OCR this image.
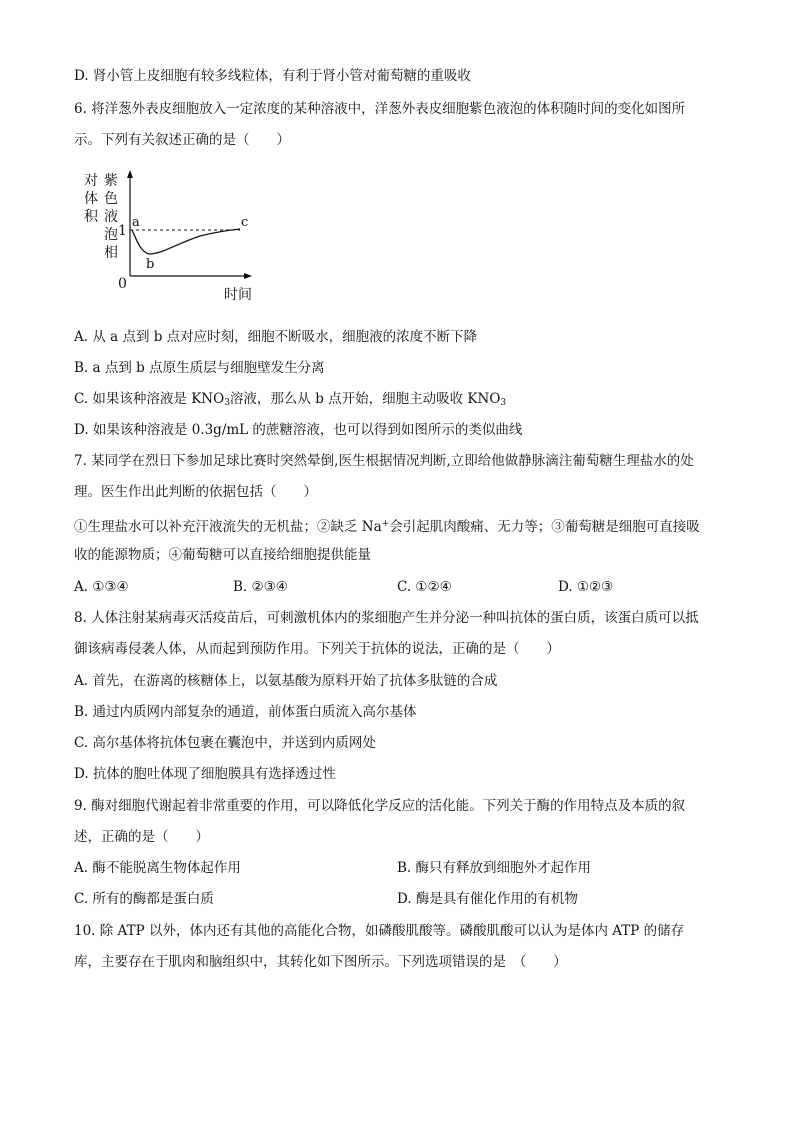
D. 肾小管上皮细胞有较多线粒体，有利于肾小管对葡萄糖的重吸收
6. 将洋葱外表皮细胞放入一定浓度的某种溶液中，洋葱外表皮细胞紫色液泡的体积随时间的变化如图所
示。下列有关叙述正确的是（　　）
对
体
积
紫
色
液
泡
相
1
0
a
b
c
时间
A. 从 a 点到 b 点对应时刻，细胞不断吸水，细胞液的浓度不断下降
B. a 点到 b 点原生质层与细胞壁发生分离
C. 如果该种溶液是 $KNO_3$溶液，那么从 b 点开始，细胞主动吸收 $KNO_3$
D. 如果该种溶液是 0.3g/mL 的蔗糖溶液，也可以得到如图所示的类似曲线
7. 某同学在烈日下参加足球比赛时突然晕倒,医生根据情况判断,立即给他做静脉滴注葡萄糖生理盐水的处
理。医生作出此判断的依据包括（　　）
①生理盐水可以补充汗液流失的无机盐；②缺乏 Na+会引起肌肉酸痛、无力等；③葡萄糖是细胞可直接吸
收的能源物质；④葡萄糖可以直接给细胞提供能量
A. ①③④	B. ②③④	C. ①②④	D. ①②③
8. 人体注射某病毒灭活疫苗后，可刺激机体内的浆细胞产生并分泌一种叫抗体的蛋白质，该蛋白质可以抵
御该病毒侵袭人体，从而起到预防作用。下列关于抗体的说法，正确的是（　　）
A. 首先，在游离的核糖体上，以氨基酸为原料开始了抗体多肽链的合成
B. 通过内质网内部复杂的通道，前体蛋白质流入高尔基体
C. 高尔基体将抗体包裹在囊泡中，并送到内质网处
D. 抗体的胞吐体现了细胞膜具有选择透过性
9. 酶对细胞代谢起着非常重要的作用，可以降低化学反应的活化能。下列关于酶的作用特点及本质的叙
述，正确的是（　　）
A. 酶不能脱离生物体起作用	B. 酶只有释放到细胞外才起作用
C. 所有的酶都是蛋白质	D. 酶是具有催化作用的有机物
10. 除 ATP 以外，体内还有其他的高能化合物，如磷酸肌酸等。磷酸肌酸可以认为是体内 ATP 的储存
库，主要存在于肌肉和脑组织中，其转化如下图所示。下列选项错误的是　（　　）
